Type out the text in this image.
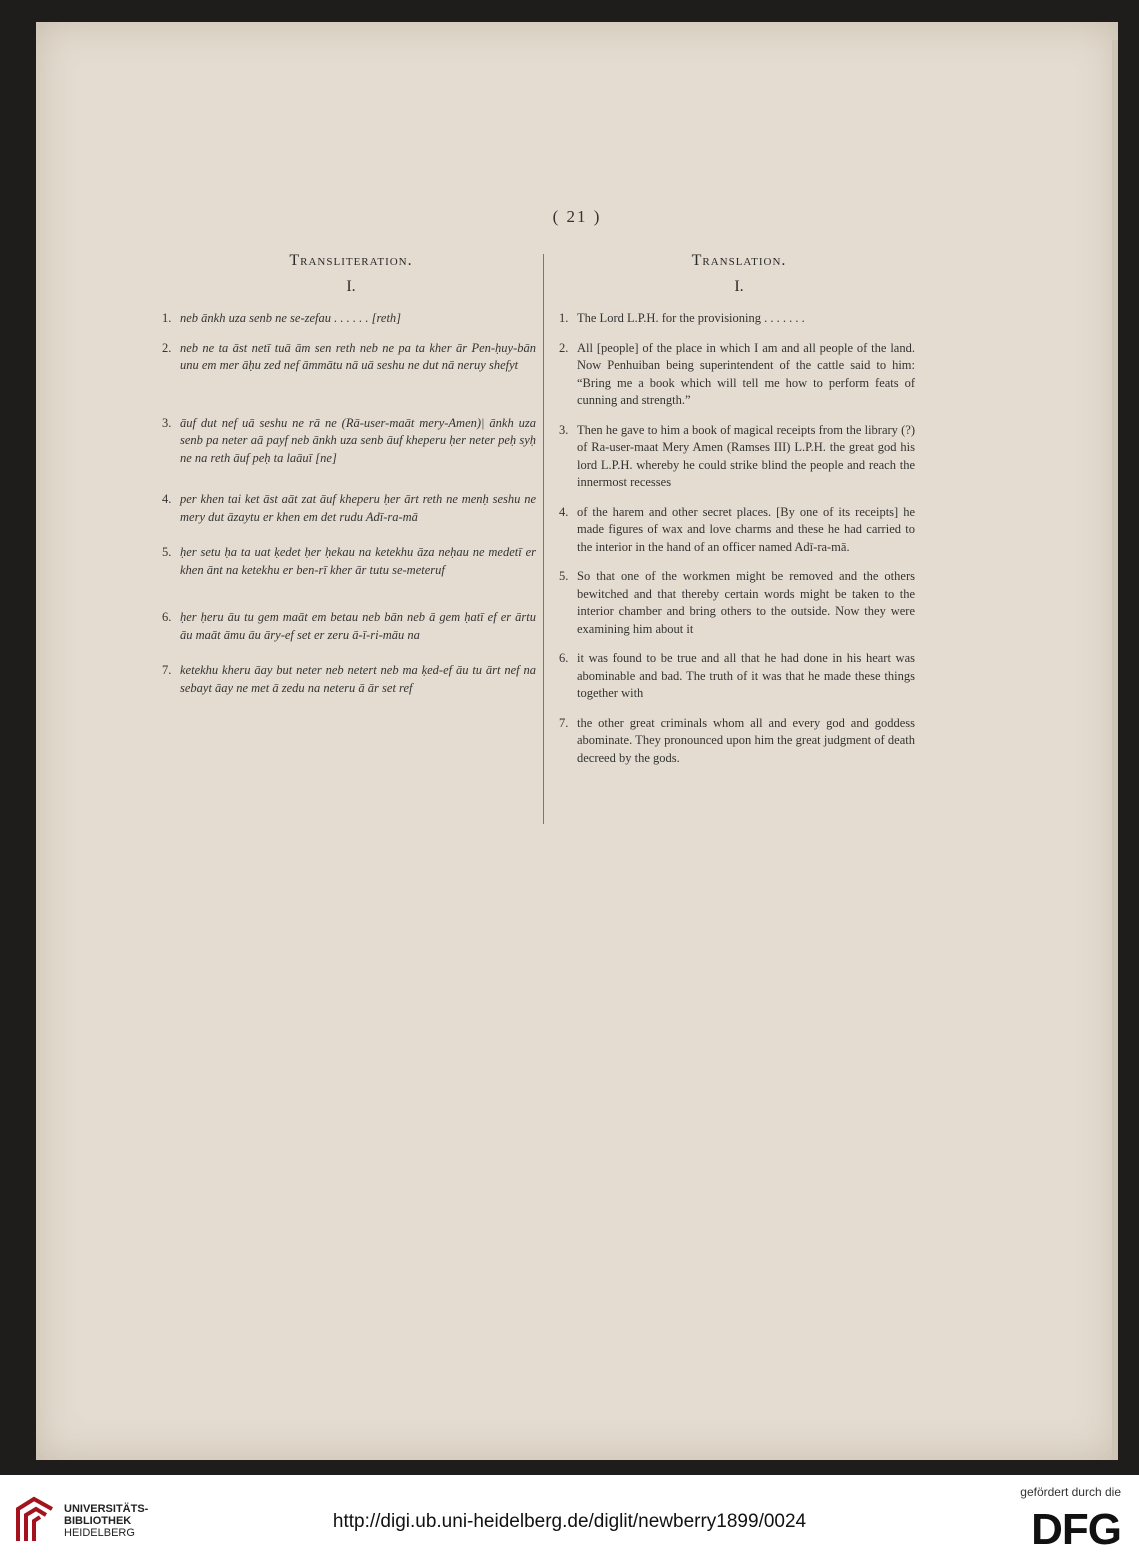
( 21 )
Transliteration.
I.
1. neb ānkh uza senb ne se-zefau . . . . . . [reth]
2. neb ne ta āst netī tuā ām sen reth neb ne pa ta kher ār Pen-ḥuy-bān unu em mer āḥu zed nef āmmātu nā uā seshu ne dut nā neruy shefyt
3. āuf dut nef uā seshu ne rā ne (Rā-user-maāt mery-Amen)| ānkh uza senb pa neter aā payf neb ānkh uza senb āuf kheperu ḥer neter peḥ syḥ ne na reth āuf peḥ ta laāuī [ne]
4. per khen tai ket āst aāt zat āuf kheperu ḥer ārt reth ne menḥ seshu ne mery dut āzaytu er khen em det rudu Adī-ra-mā
5. ḥer setu ḥa ta uat ḳedet ḥer ḥekau na ketekhu āza neḥau ne medetī er khen ānt na ketekhu er ben-rī kher ār tutu se-meteruf
6. ḥer ḥeru āu tu gem maāt em betau neb bān neb ā gem ḥatī ef er ārtu āu maāt āmu āu āry-ef set er zeru ā-ī-ri-māu na
7. ketekhu kheru āay but neter neb netert neb ma ḳed-ef āu tu ārt nef na sebayt āay ne met ā zedu na neteru ā ār set ref
Translation.
I.
1. The Lord L.P.H. for the provisioning . . . . . . .
2. All [people] of the place in which I am and all people of the land. Now Penhuiban being superintendent of the cattle said to him: “Bring me a book which will tell me how to perform feats of cunning and strength.”
3. Then he gave to him a book of magical receipts from the library (?) of Ra-user-maat Mery Amen (Ramses III) L.P.H. the great god his lord L.P.H. whereby he could strike blind the people and reach the innermost recesses
4. of the harem and other secret places. [By one of its receipts] he made figures of wax and love charms and these he had carried to the interior in the hand of an officer named Adī-ra-mā.
5. So that one of the workmen might be removed and the others bewitched and that thereby certain words might be taken to the interior chamber and bring others to the outside. Now they were examining him about it
6. it was found to be true and all that he had done in his heart was abominable and bad. The truth of it was that he made these things together with
7. the other great criminals whom all and every god and goddess abominate. They pronounced upon him the great judgment of death decreed by the gods.
UNIVERSITÄTS-
BIBLIOTHEK
HEIDELBERG
http://digi.ub.uni-heidelberg.de/diglit/newberry1899/0024
gefördert durch die
DFG
